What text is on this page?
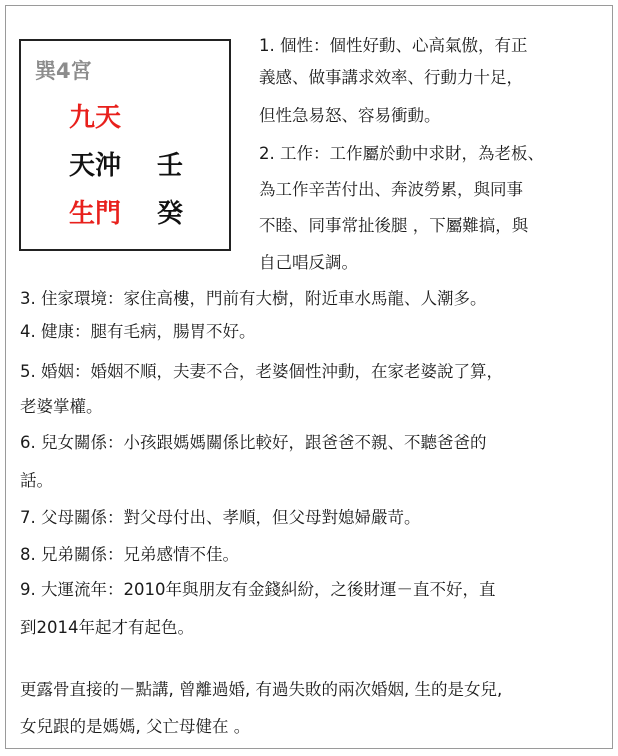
巽4宮
九天
天沖 壬
生門 癸
1. 個性：個性好動、心高氣傲，有正
義感、做事講求效率、行動力十足，
但性急易怒、容易衝動。
2. 工作：工作屬於動中求財，為老板、
為工作辛苦付出、奔波勞累，與同事
不睦、同事常扯後腿 ，下屬難搞，與
自己唱反調。
3. 住家環境：家住高樓，門前有大樹，附近車水馬龍、人潮多。
4. 健康：腿有毛病，腸胃不好。
5. 婚姻：婚姻不順，夫妻不合，老婆個性沖動，在家老婆說了算，
老婆掌權。
6. 兒女關係：小孩跟媽媽關係比較好，跟爸爸不親、不聽爸爸的
話。
7. 父母關係：對父母付出、孝順，但父母對媳婦嚴苛。
8. 兄弟關係：兄弟感情不佳。
9. 大運流年：2010年與朋友有金錢糾紛，之後財運－直不好，直
到2014年起才有起色。
更露骨直接的－點講, 曾離過婚, 有過失敗的兩次婚姻, 生的是女兒,
女兒跟的是媽媽, 父亡母健在 。
